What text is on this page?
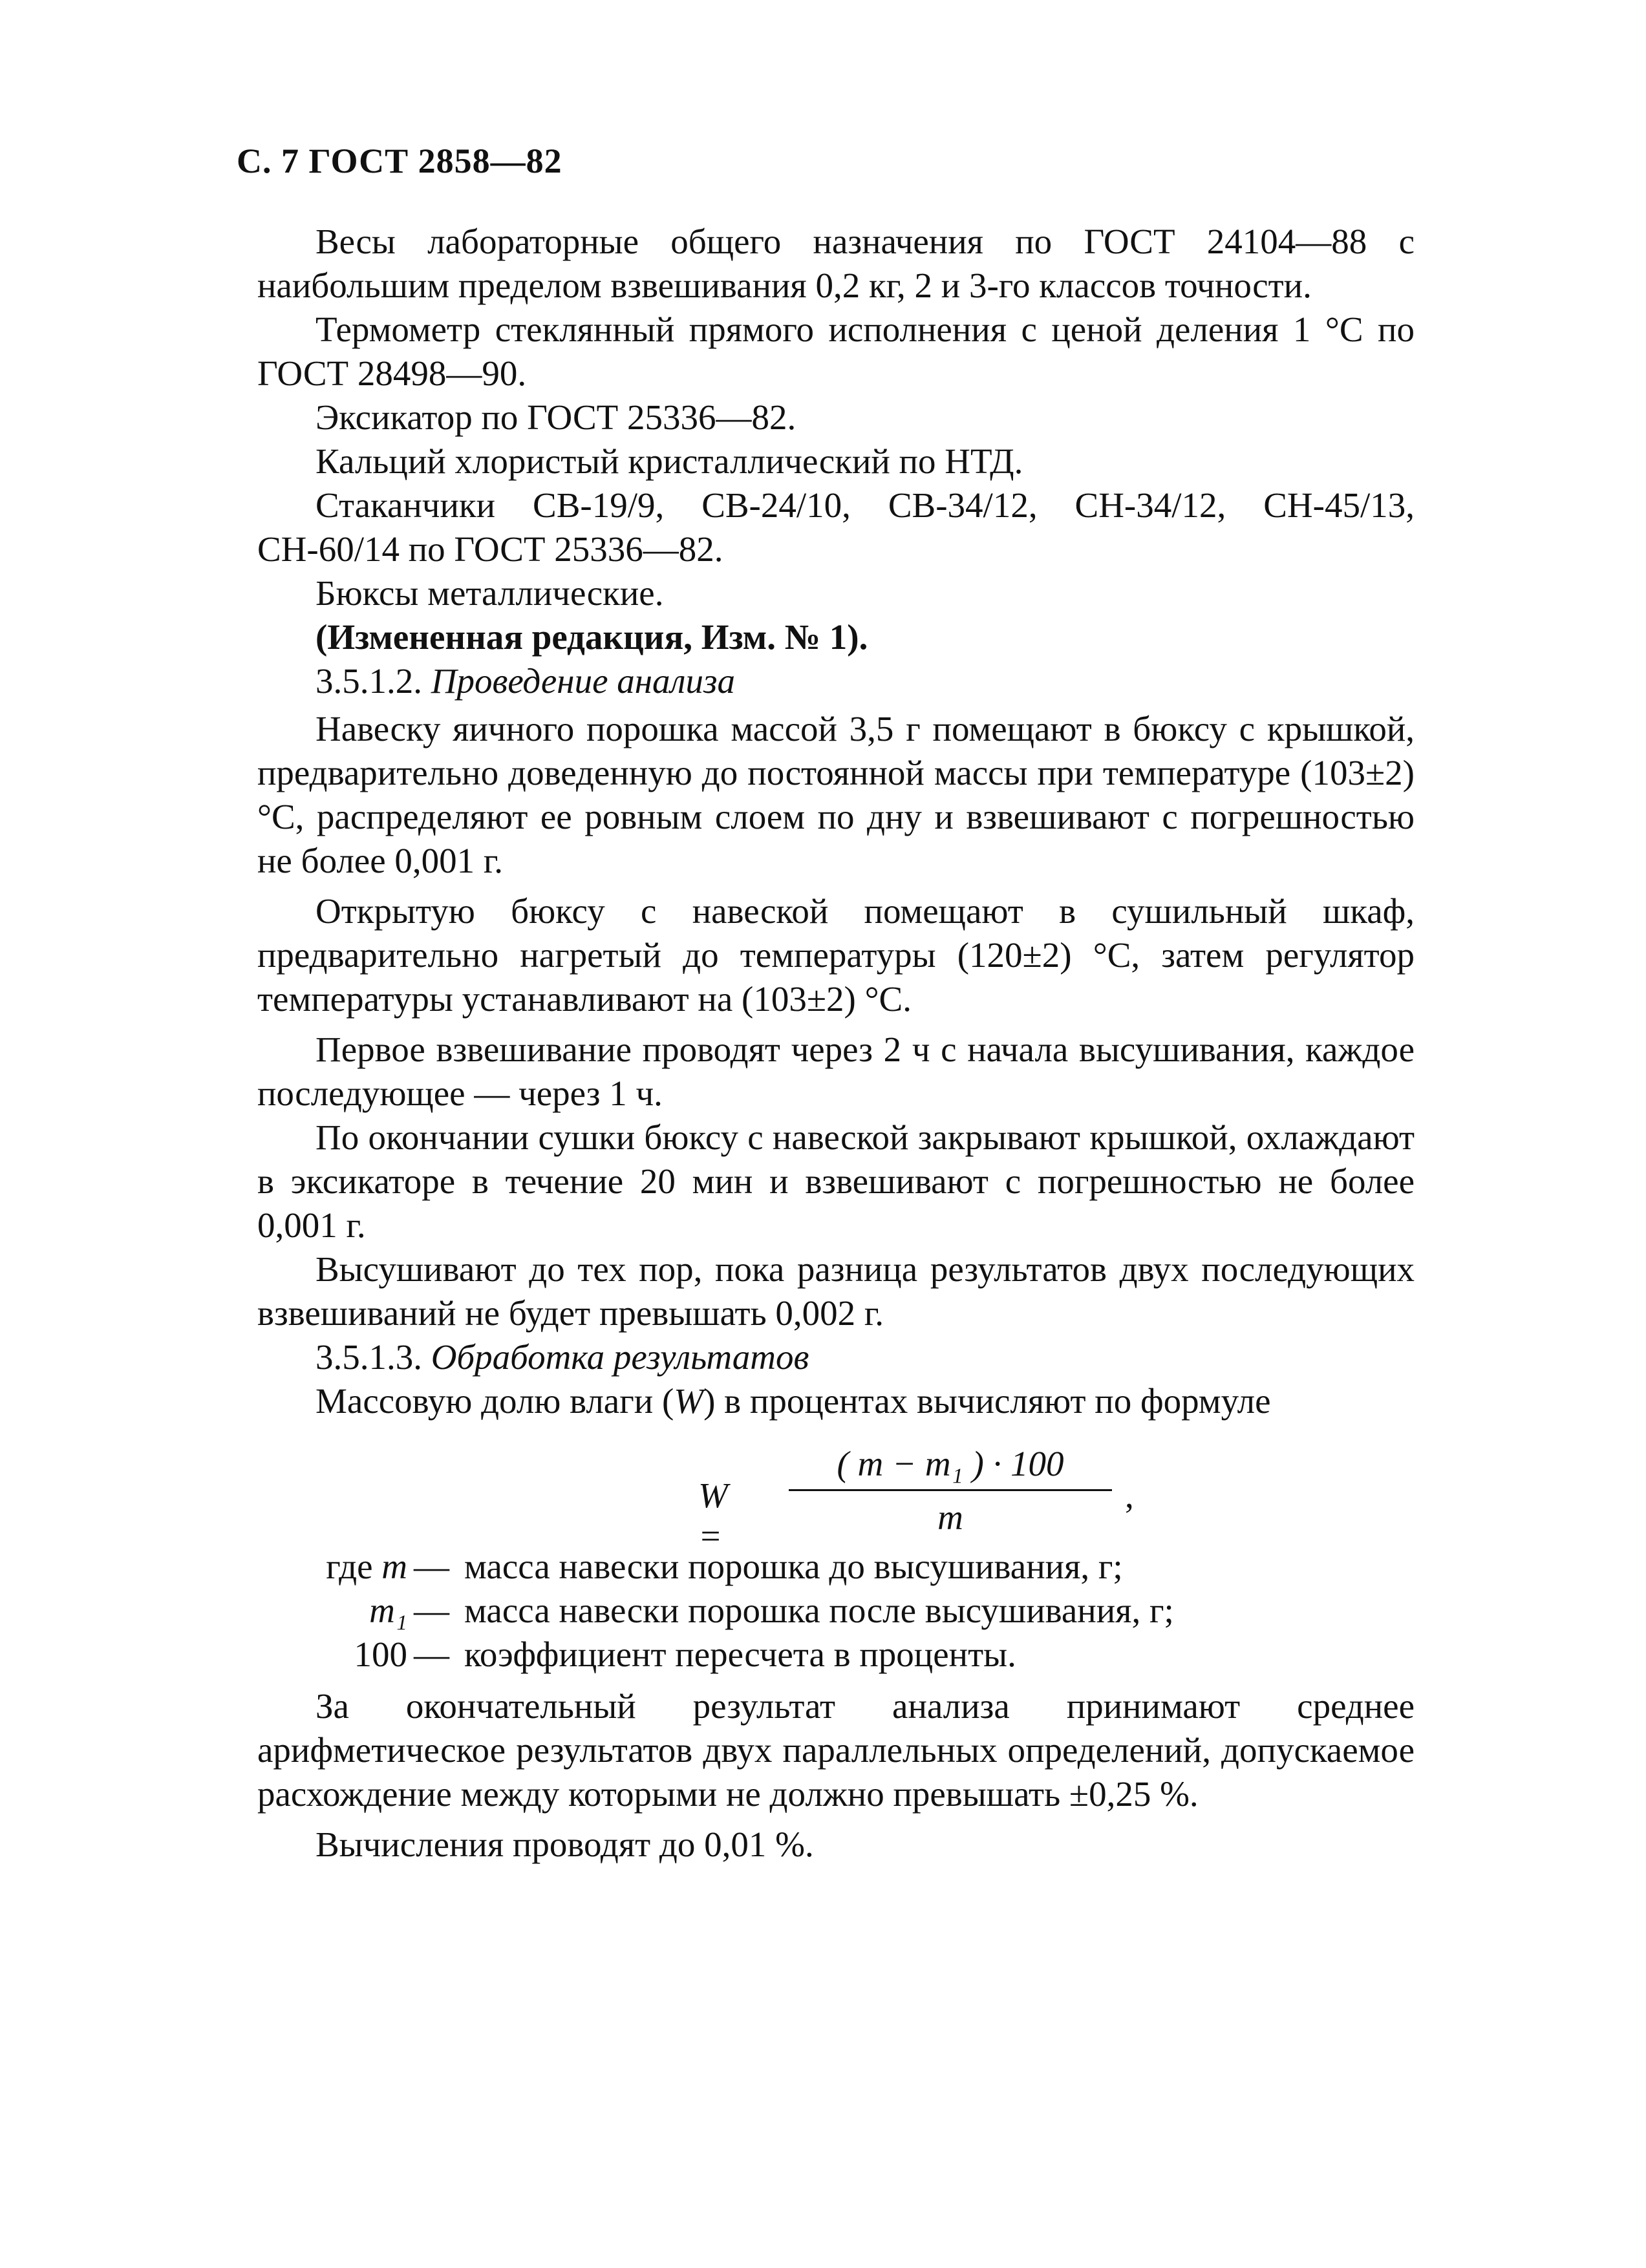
С. 7 ГОСТ 2858—82

Весы лабораторные общего назначения по ГОСТ 24104—88 с наибольшим пределом взвешивания 0,2 кг, 2 и 3-го классов точности.

Термометр стеклянный прямого исполнения с ценой деления 1 °С по ГОСТ 28498—90.

Эксикатор по ГОСТ 25336—82.

Кальций хлористый кристаллический по НТД.

Стаканчики СВ-19/9, СВ-24/10, СВ-34/12, СН-34/12, СН-45/13, СН-60/14 по ГОСТ 25336—82.

Бюксы металлические.

(Измененная редакция, Изм. № 1).

3.5.1.2. Проведение анализа

Навеску яичного порошка массой 3,5 г помещают в бюксу с крышкой, предварительно доведенную до постоянной массы при температуре (103±2) °С, распределяют ее ровным слоем по дну и взвешивают с погрешностью не более 0,001 г.

Открытую бюксу с навеской помещают в сушильный шкаф, предварительно нагретый до температуры (120±2) °С, затем регулятор температуры устанавливают на (103±2) °С.

Первое взвешивание проводят через 2 ч с начала высушивания, каждое последующее — через 1 ч.

По окончании сушки бюксу с навеской закрывают крышкой, охлаждают в эксикаторе в течение 20 мин и взвешивают с погрешностью не более 0,001 г.

Высушивают до тех пор, пока разница результатов двух последующих взвешиваний не будет превышать 0,002 г.

3.5.1.3. Обработка результатов

Массовую долю влаги (W) в процентах вычисляют по формуле

W =
( m − m₁ ) · 100
m
,
где m — масса навески порошка до высушивания, г;
m₁ — масса навески порошка после высушивания, г;
100 — коэффициент пересчета в проценты.

За окончательный результат анализа принимают среднее арифметическое результатов двух параллельных определений, допускаемое расхождение между которыми не должно превышать ±0,25 %.

Вычисления проводят до 0,01 %.
